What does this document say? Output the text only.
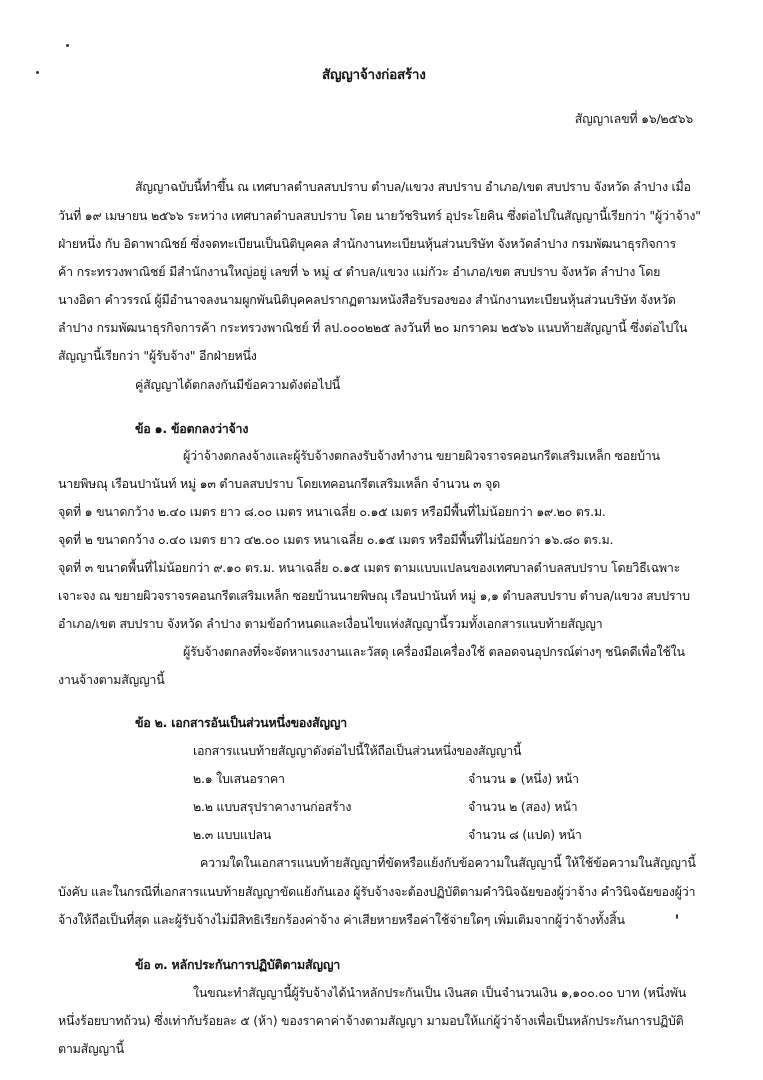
สัญญาจ้างก่อสร้าง
สัญญาเลขที่ ๑๖/๒๕๖๖
สัญญาฉบับนี้ทำขึ้น ณ เทศบาลตำบลสบปราบ ตำบล/แขวง สบปราบ อำเภอ/เขต สบปราบ จังหวัด ลำปาง เมื่อ
วันที่ ๑๙ เมษายน ๒๕๖๖ ระหว่าง เทศบาลตำบลสบปราบ โดย นายวัชรินทร์ อุประโยคิน ซึ่งต่อไปในสัญญานี้เรียกว่า "ผู้ว่าจ้าง"
ฝ่ายหนึ่ง กับ อิดาพาณิชย์ ซึ่งจดทะเบียนเป็นนิติบุคคล สำนักงานทะเบียนหุ้นส่วนบริษัท จังหวัดลำปาง กรมพัฒนาธุรกิจการ
ค้า กระทรวงพาณิชย์ มีสำนักงานใหญ่อยู่ เลขที่ ๖ หมู่ ๔ ตำบล/แขวง แม่กัวะ อำเภอ/เขต สบปราบ จังหวัด ลำปาง โดย
นางอิดา คำวรรณ์ ผู้มีอำนาจลงนามผูกพันนิติบุคคลปรากฏตามหนังสือรับรองของ สำนักงานทะเบียนหุ้นส่วนบริษัท จังหวัด
ลำปาง กรมพัฒนาธุรกิจการค้า กระทรวงพาณิชย์ ที่ ลป.๐๐๐๒๒๕ ลงวันที่ ๒๐ มกราคม ๒๕๖๖ แนบท้ายสัญญานี้ ซึ่งต่อไปใน
สัญญานี้เรียกว่า "ผู้รับจ้าง" อีกฝ่ายหนึ่ง
คู่สัญญาได้ตกลงกันมีข้อความดังต่อไปนี้
ข้อ ๑. ข้อตกลงว่าจ้าง
ผู้ว่าจ้างตกลงจ้างและผู้รับจ้างตกลงรับจ้างทำงาน ขยายผิวจราจรคอนกรีตเสริมเหล็ก ซอยบ้าน
นายพิษณุ เรือนปานันท์ หมู่ ๑๓ ตำบลสบปราบ โดยเทคอนกรีตเสริมเหล็ก จำนวน ๓ จุด
จุดที่ ๑ ขนาดกว้าง ๒.๔๐ เมตร ยาว ๘.๐๐ เมตร หนาเฉลี่ย ๐.๑๕ เมตร หรือมีพื้นที่ไม่น้อยกว่า ๑๙.๒๐ ตร.ม.
จุดที่ ๒ ขนาดกว้าง ๐.๔๐ เมตร ยาว ๔๒.๐๐ เมตร หนาเฉลี่ย ๐.๑๕ เมตร หรือมีพื้นที่ไม่น้อยกว่า ๑๖.๘๐ ตร.ม.
จุดที่ ๓ ขนาดพื้นที่ไม่น้อยกว่า ๙.๑๐ ตร.ม. หนาเฉลี่ย ๐.๑๕ เมตร ตามแบบแปลนของเทศบาลตำบลสบปราบ โดยวิธีเฉพาะ
เจาะจง ณ ขยายผิวจราจรคอนกรีตเสริมเหล็ก ซอยบ้านนายพิษณุ เรือนปานันท์ หมู่ ๑,๑ ตำบลสบปราบ ตำบล/แขวง สบปราบ
อำเภอ/เขต สบปราบ จังหวัด ลำปาง ตามข้อกำหนดและเงื่อนไขแห่งสัญญานี้รวมทั้งเอกสารแนบท้ายสัญญา
ผู้รับจ้างตกลงที่จะจัดหาแรงงานและวัสดุ เครื่องมือเครื่องใช้ ตลอดจนอุปกรณ์ต่างๆ ชนิดดีเพื่อใช้ใน
งานจ้างตามสัญญานี้
ข้อ ๒. เอกสารอันเป็นส่วนหนึ่งของสัญญา
เอกสารแนบท้ายสัญญาดังต่อไปนี้ให้ถือเป็นส่วนหนึ่งของสัญญานี้
๒.๑ ใบเสนอราคา	จำนวน ๑ (หนึ่ง) หน้า
๒.๒ แบบสรุปราคางานก่อสร้าง	จำนวน ๒ (สอง) หน้า
๒.๓ แบบแปลน	จำนวน ๘ (แปด) หน้า
ความใดในเอกสารแนบท้ายสัญญาที่ขัดหรือแย้งกับข้อความในสัญญานี้ ให้ใช้ข้อความในสัญญานี้
บังคับ และในกรณีที่เอกสารแนบท้ายสัญญาขัดแย้งกันเอง ผู้รับจ้างจะต้องปฏิบัติตามคำวินิจฉัยของผู้ว่าจ้าง คำวินิจฉัยของผู้ว่า
จ้างให้ถือเป็นที่สุด และผู้รับจ้างไม่มีสิทธิเรียกร้องค่าจ้าง ค่าเสียหายหรือค่าใช้จ่ายใดๆ เพิ่มเติมจากผู้ว่าจ้างทั้งสิ้น
ข้อ ๓. หลักประกันการปฏิบัติตามสัญญา
ในขณะทำสัญญานี้ผู้รับจ้างได้นำหลักประกันเป็น เงินสด เป็นจำนวนเงิน ๑,๑๐๐.๐๐ บาท (หนึ่งพัน
หนึ่งร้อยบาทถ้วน) ซึ่งเท่ากับร้อยละ ๕ (ห้า) ของราคาค่าจ้างตามสัญญา มามอบให้แก่ผู้ว่าจ้างเพื่อเป็นหลักประกันการปฏิบัติ
ตามสัญญานี้
